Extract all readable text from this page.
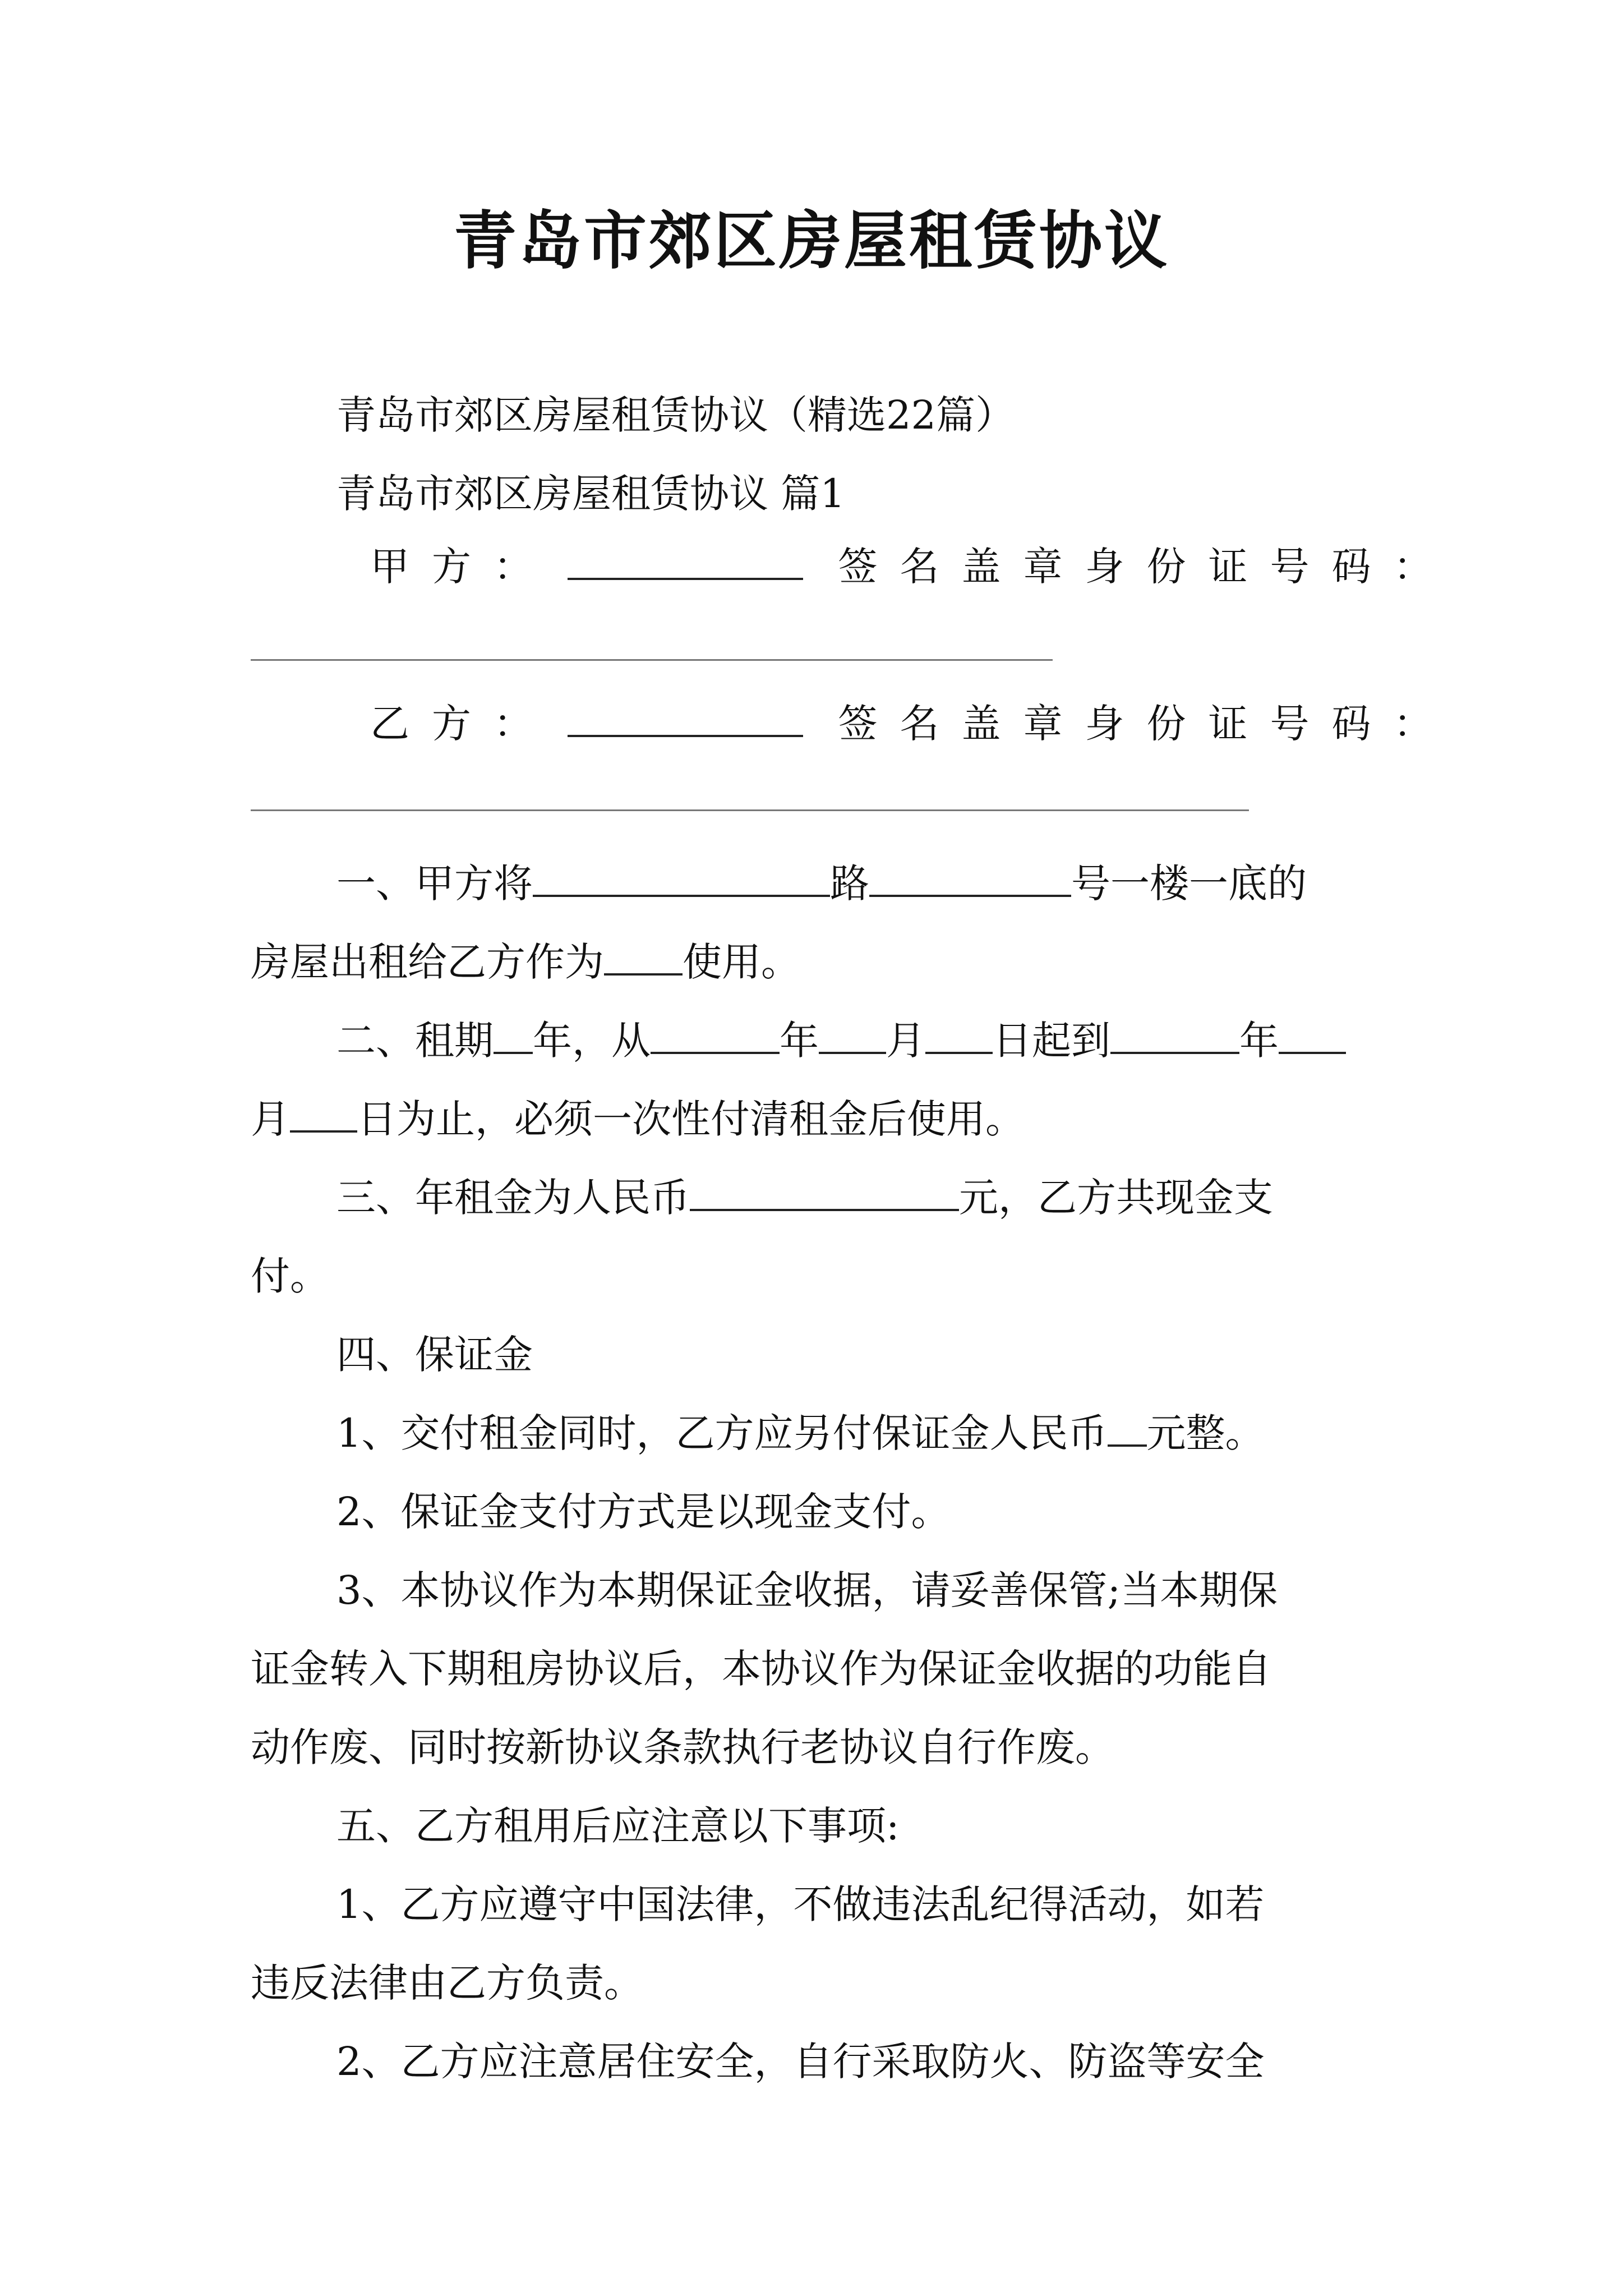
青岛市郊区房屋租赁协议
青岛市郊区房屋租赁协议（精选22篇）
青岛市郊区房屋租赁协议 篇1
甲方：	签名盖章身份证号码：
乙方：	签名盖章身份证号码：
一、甲方将	路	号一楼一底的
房屋出租给乙方作为 使用。
二、租期 年，从	年 月 日起到	年
月 日为止，必须一次性付清租金后使用。
三、年租金为人民币	元，乙方共现金支
付。
四、保证金
1、交付租金同时，乙方应另付保证金人民币 元整。
2、保证金支付方式是以现金支付。
3、本协议作为本期保证金收据，请妥善保管;当本期保
证金转入下期租房协议后，本协议作为保证金收据的功能自
动作废、同时按新协议条款执行老协议自行作废。
五、乙方租用后应注意以下事项:
1、乙方应遵守中国法律，不做违法乱纪得活动，如若
违反法律由乙方负责。
2、乙方应注意居住安全，自行采取防火、防盗等安全
